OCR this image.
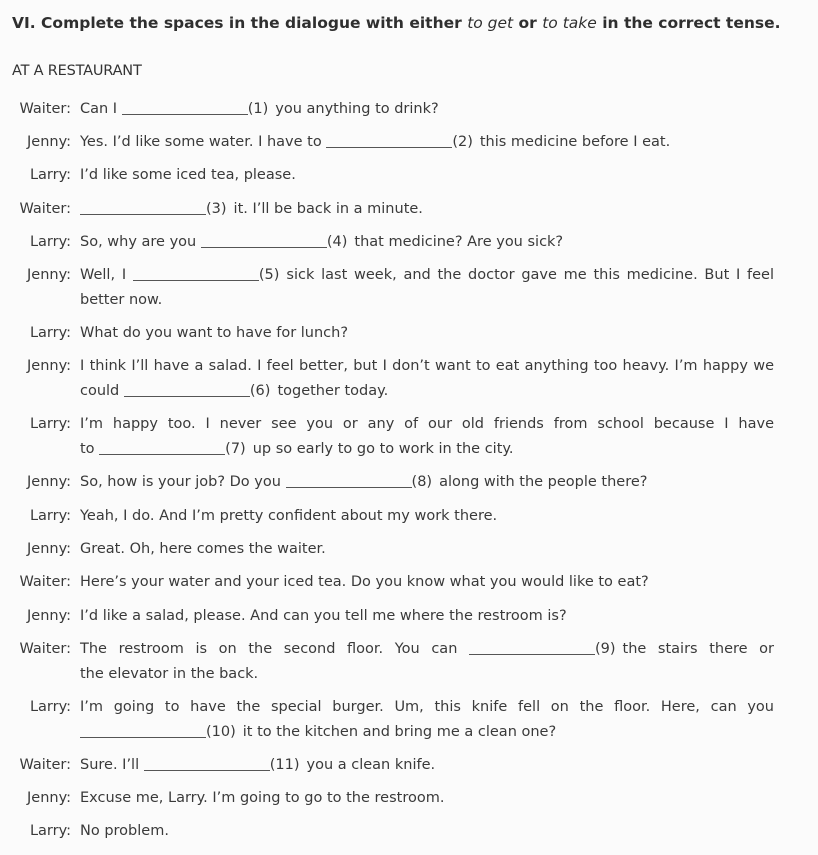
VI. Complete the spaces in the dialogue with either to get or to take in the correct tense.
AT A RESTAURANT
Waiter: Can I	(1) you anything to drink?
Jenny: Yes. I’d like some water. I have to	(2) this medicine before I eat.
Larry: I’d like some iced tea, please.
Waiter:	(3) it. I’ll be back in a minute.
Larry: So, why are you	(4) that medicine? Are you sick?
Jenny: Well, I	(5) sick last week, and the doctor gave me this medicine. But I feel
better now.
Larry: What do you want to have for lunch?
Jenny: I think I’ll have a salad. I feel better, but I don’t want to eat anything too heavy. I’m happy we
could	(6) together today.
Larry: I’m happy too. I never see you or any of our old friends from school because I have
to	(7) up so early to go to work in the city.
Jenny: So, how is your job? Do you	(8) along with the people there?
Larry: Yeah, I do. And I’m pretty confident about my work there.
Jenny: Great. Oh, here comes the waiter.
Waiter: Here’s your water and your iced tea. Do you know what you would like to eat?
Jenny: I’d like a salad, please. And can you tell me where the restroom is?
Waiter: The restroom is on the second floor. You can	(9) the stairs there or
the elevator in the back.
Larry: I’m going to have the special burger. Um, this knife fell on the floor. Here, can you
(10) it to the kitchen and bring me a clean one?
Waiter: Sure. I’ll	(11) you a clean knife.
Jenny: Excuse me, Larry. I’m going to go to the restroom.
Larry: No problem.
